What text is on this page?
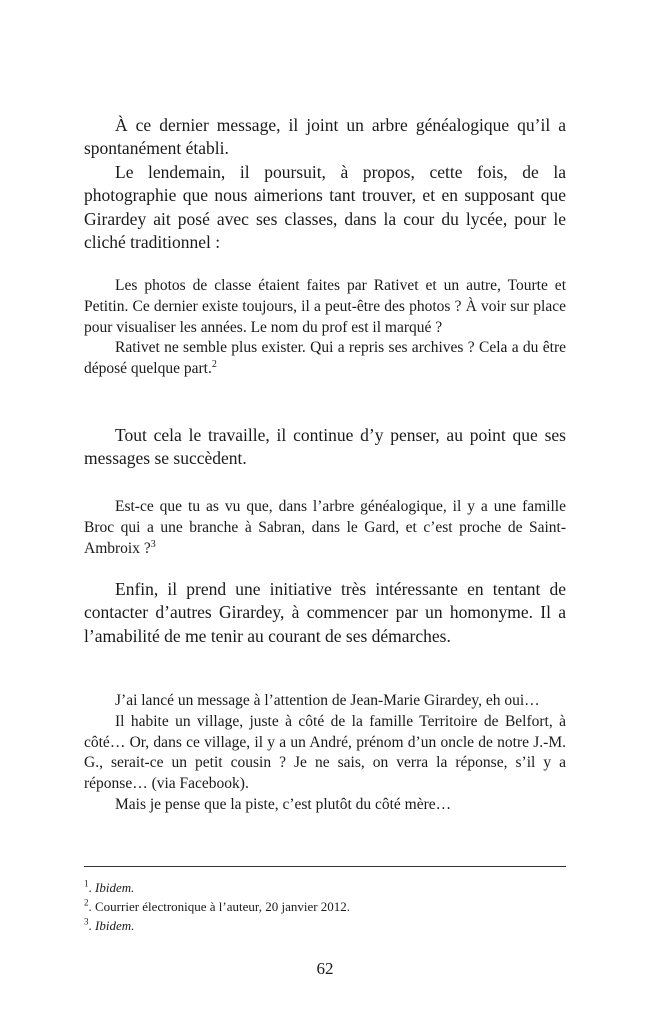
À ce dernier message, il joint un arbre généalogique qu’il a spontanément établi.

Le lendemain, il poursuit, à propos, cette fois, de la photographie que nous aimerions tant trouver, et en supposant que Girardey ait posé avec ses classes, dans la cour du lycée, pour le cliché traditionnel :

Les photos de classe étaient faites par Rativet et un autre, Tourte et Petitin. Ce dernier existe toujours, il a peut-être des photos ? À voir sur place pour visualiser les années. Le nom du prof est il marqué ?

Rativet ne semble plus exister. Qui a repris ses archives ? Cela a du être déposé quelque part.$^2$

Tout cela le travaille, il continue d’y penser, au point que ses messages se succèdent.

Est-ce que tu as vu que, dans l’arbre généalogique, il y a une famille Broc qui a une branche à Sabran, dans le Gard, et c’est proche de Saint-Ambroix ?$^3$

Enfin, il prend une initiative très intéressante en tentant de contacter d’autres Girardey, à commencer par un homonyme. Il a l’amabilité de me tenir au courant de ses démarches.

J’ai lancé un message à l’attention de Jean-Marie Girardey, eh oui…

Il habite un village, juste à côté de la famille Territoire de Belfort, à côté… Or, dans ce village, il y a un André, prénom d’un oncle de notre J.-M. G., serait-ce un petit cousin ? Je ne sais, on verra la réponse, s’il y a réponse… (via Facebook).

Mais je pense que la piste, c’est plutôt du côté mère…

$^1$. Ibidem.

$^2$. Courrier électronique à l’auteur, 20 janvier 2012.

$^3$. Ibidem.

62
